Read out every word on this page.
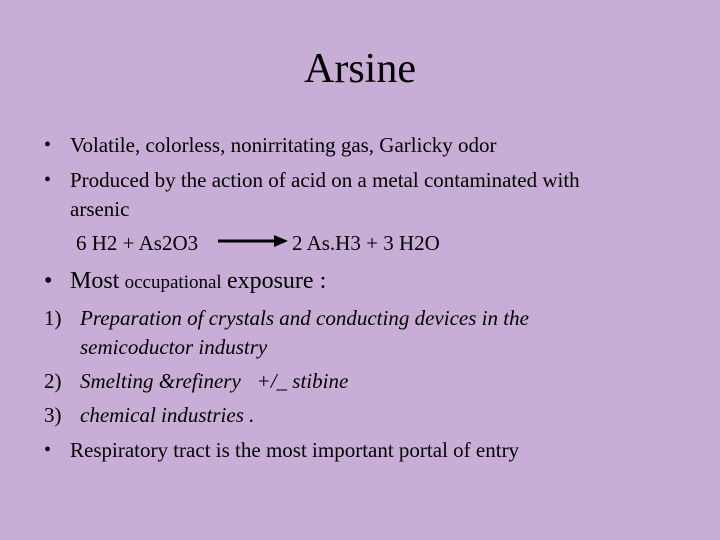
Arsine
• Volatile, colorless, nonirritating gas, Garlicky odor
• Produced by the action of acid on a metal contaminated with
arsenic
6 H2 + As2O3	2 As.H3 + 3 H2O
• Most occupational exposure :
1) Preparation of crystals and conducting devices in the
semicoductor industry
2) Smelting &refinery   +/_ stibine
3) chemical industries .
• Respiratory tract is the most important portal of entry
